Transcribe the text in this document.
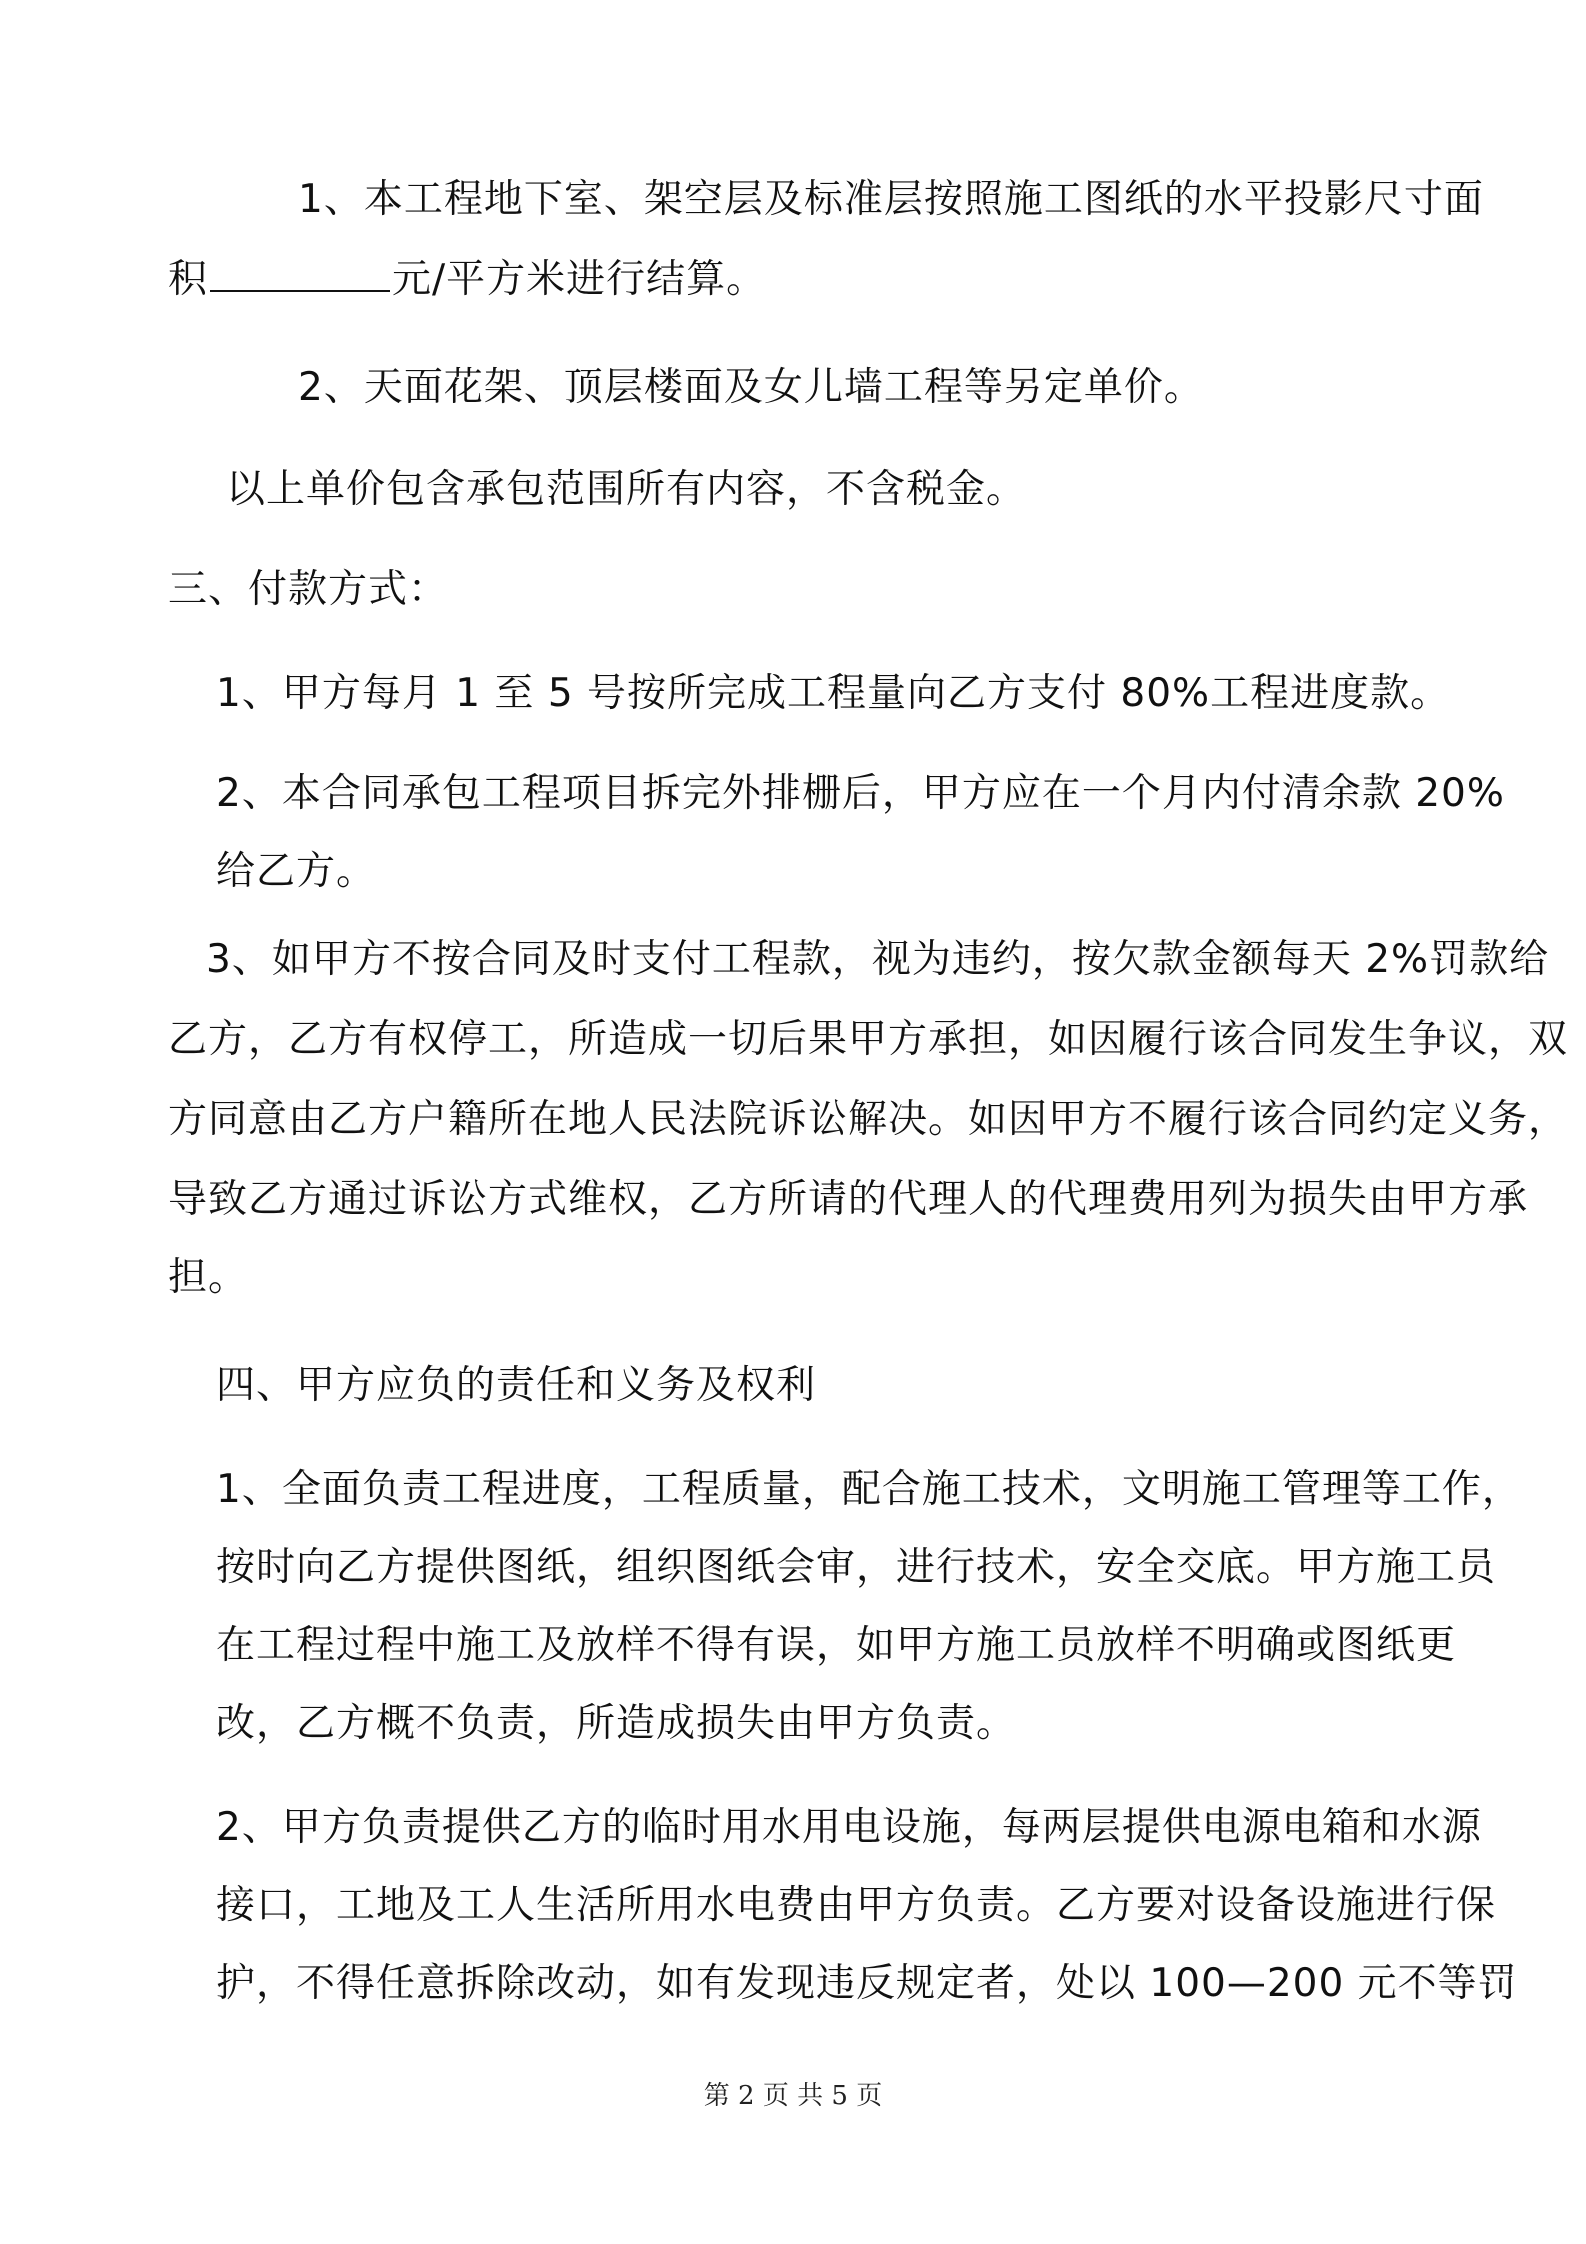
1、本工程地下室、架空层及标准层按照施工图纸的水平投影尺寸面
积	元/平方米进行结算。
2、天面花架、顶层楼面及女儿墙工程等另定单价。
以上单价包含承包范围所有内容，不含税金。
三、付款方式：
1、甲方每月 1 至 5 号按所完成工程量向乙方支付 80%工程进度款。
2、本合同承包工程项目拆完外排栅后，甲方应在一个月内付清余款 20%
给乙方。
3、如甲方不按合同及时支付工程款，视为违约，按欠款金额每天 2%罚款给
乙方，乙方有权停工，所造成一切后果甲方承担，如因履行该合同发生争议，双
方同意由乙方户籍所在地人民法院诉讼解决。如因甲方不履行该合同约定义务，
导致乙方通过诉讼方式维权，乙方所请的代理人的代理费用列为损失由甲方承
担。
四、甲方应负的责任和义务及权利
1、全面负责工程进度，工程质量，配合施工技术，文明施工管理等工作，
按时向乙方提供图纸，组织图纸会审，进行技术，安全交底。甲方施工员
在工程过程中施工及放样不得有误，如甲方施工员放样不明确或图纸更
改，乙方概不负责，所造成损失由甲方负责。
2、甲方负责提供乙方的临时用水用电设施，每两层提供电源电箱和水源
接口，工地及工人生活所用水电费由甲方负责。乙方要对设备设施进行保
护，不得任意拆除改动，如有发现违反规定者，处以 100—200 元不等罚
第 2 页 共 5 页
